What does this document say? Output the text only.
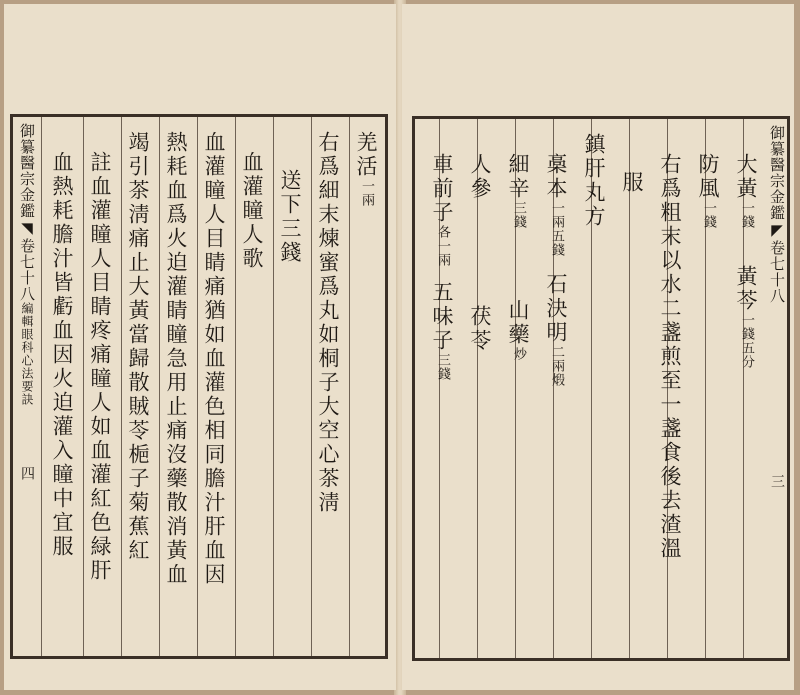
羌活一兩
右爲細末煉蜜爲丸如桐子大空心茶淸
送下三錢
血灌瞳人歌
血灌瞳人目睛痛猶如血灌色相同膽汁肝血因
熱耗血爲火迫灌睛瞳急用止痛沒藥散消黃血
竭引茶淸痛止大黃當歸散賊苓梔子菊蕉紅
註血灌瞳人目睛疼痛瞳人如血灌紅色緑肝
血熱耗膽汁皆虧血因火迫灌入瞳中宜服
御纂醫宗金鑑◥卷七十八編輯眼科心法要訣四
御纂醫宗金鑑◤卷七十八三
大黃一錢黃芩一錢五分
防風一錢
右爲粗末以水二盞煎至一盞食後去渣溫
服
鎮肝丸方
槀本一兩五錢石決明二兩煅
細辛三錢山藥炒
人參茯苓
車前子各一兩五味子三錢
